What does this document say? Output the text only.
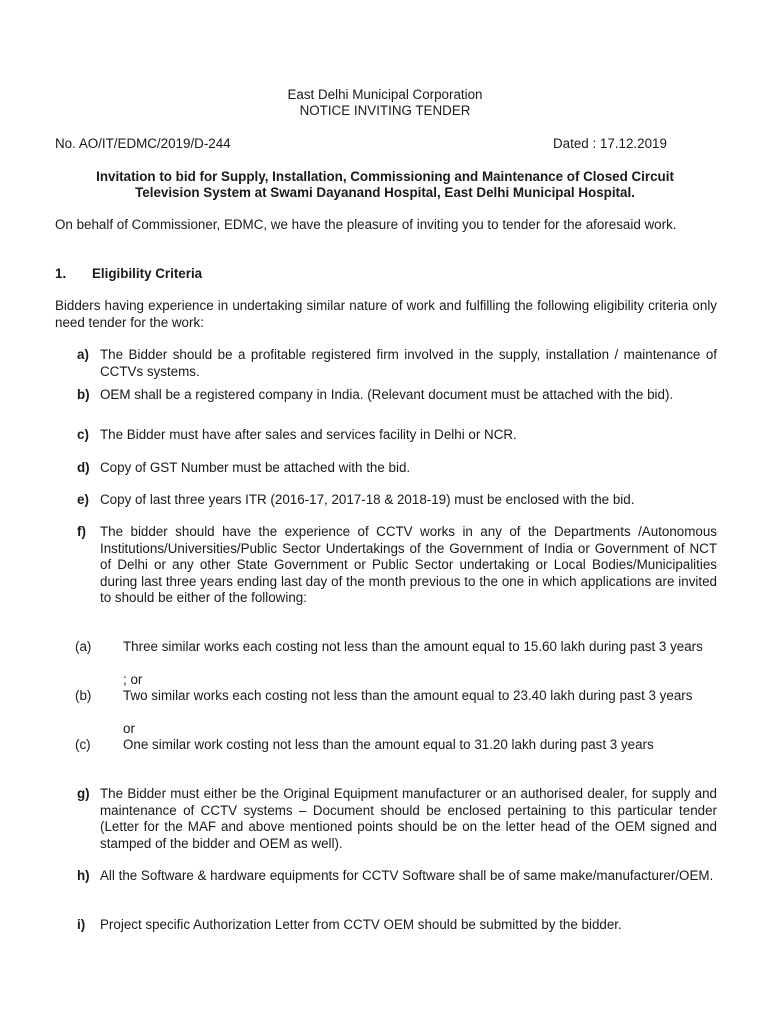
East Delhi Municipal Corporation
NOTICE INVITING TENDER
No. AO/IT/EDMC/2019/D-244	Dated : 17.12.2019
Invitation to bid for Supply, Installation, Commissioning and Maintenance of Closed Circuit
Television System at Swami Dayanand Hospital, East Delhi Municipal Hospital.
On behalf of Commissioner, EDMC, we have the pleasure of inviting you to tender for the aforesaid work.
1. Eligibility Criteria
Bidders having experience in undertaking similar nature of work and fulfilling the following eligibility criteria only need tender for the work:
a) The Bidder should be a profitable registered firm involved in the supply, installation / maintenance of CCTVs systems.
b) OEM shall be a registered company in India. (Relevant document must be attached with the bid).
c) The Bidder must have after sales and services facility in Delhi or NCR.
d) Copy of GST Number must be attached with the bid.
e) Copy of last three years ITR (2016-17, 2017-18 & 2018-19) must be enclosed with the bid.
f)	The bidder should have the experience of CCTV works in any of the Departments /Autonomous Institutions/Universities/Public Sector Undertakings of the Government of India or Government of NCT of Delhi or any other State Government or Public Sector undertaking or Local Bodies/Municipalities during last three years ending last day of the month previous to the one in which applications are invited to should be either of the following:
(a) Three similar works each costing not less than the amount equal to 15.60 lakh during past 3 years
; or
(b) Two similar works each costing not less than the amount equal to 23.40 lakh during past 3 years
or
(c) One similar work costing not less than the amount equal to 31.20 lakh during past 3 years
g) The Bidder must either be the Original Equipment manufacturer or an authorised dealer, for supply and maintenance of CCTV systems – Document should be enclosed pertaining to this particular tender (Letter for the MAF and above mentioned points should be on the letter head of the OEM signed and stamped of the bidder and OEM as well).
h) All the Software & hardware equipments for CCTV Software shall be of same make/manufacturer/OEM.
i)	Project specific Authorization Letter from CCTV OEM should be submitted by the bidder.
